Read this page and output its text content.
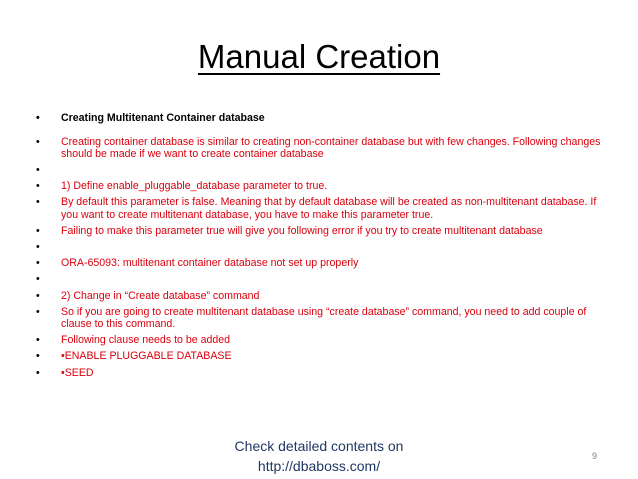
Manual Creation
• Creating Multitenant Container database
• Creating container database is similar to creating non-container database but with few changes. Following changes should be made if we want to create container database
•
• 1) Define enable_pluggable_database parameter to true.
• By default this parameter is false. Meaning that by default database will be created as non-multitenant database. If you want to create multitenant database, you have to make this parameter true.
• Failing to make this parameter true will give you following error if you try to create multitenant database
•
• ORA-65093: multitenant container database not set up properly
•
• 2) Change in “Create database” command
• So if you are going to create multitenant database using “create database” command, you need to add couple of clause to this command.
• Following clause needs to be added
• •ENABLE PLUGGABLE DATABASE
• •SEED
Check detailed contents on
http://dbaboss.com/
9
